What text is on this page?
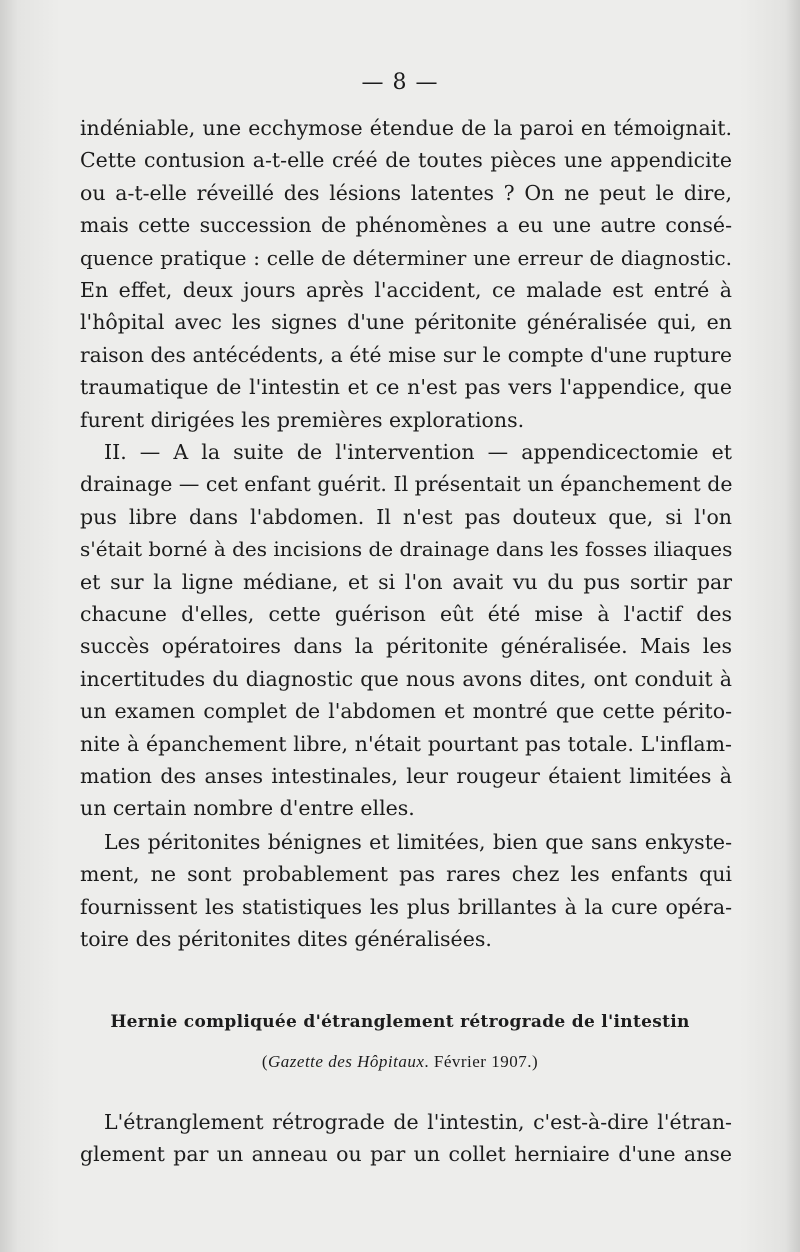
— 8 —

indéniable, une ecchymose étendue de la paroi en témoignait.
Cette contusion a-t-elle créé de toutes pièces une appendicite
ou a-t-elle réveillé des lésions latentes ? On ne peut le dire,
mais cette succession de phénomènes a eu une autre consé-
quence pratique : celle de déterminer une erreur de diagnostic.
En effet, deux jours après l'accident, ce malade est entré à
l'hôpital avec les signes d'une péritonite généralisée qui, en
raison des antécédents, a été mise sur le compte d'une rupture
traumatique de l'intestin et ce n'est pas vers l'appendice, que
furent dirigées les premières explorations.

II. — A la suite de l'intervention — appendicectomie et
drainage — cet enfant guérit. Il présentait un épanchement de
pus libre dans l'abdomen. Il n'est pas douteux que, si l'on
s'était borné à des incisions de drainage dans les fosses iliaques
et sur la ligne médiane, et si l'on avait vu du pus sortir par
chacune d'elles, cette guérison eût été mise à l'actif des
succès opératoires dans la péritonite généralisée. Mais les
incertitudes du diagnostic que nous avons dites, ont conduit à
un examen complet de l'abdomen et montré que cette périto-
nite à épanchement libre, n'était pourtant pas totale. L'inflam-
mation des anses intestinales, leur rougeur étaient limitées à
un certain nombre d'entre elles.

Les péritonites bénignes et limitées, bien que sans enkyste-
ment, ne sont probablement pas rares chez les enfants qui
fournissent les statistiques les plus brillantes à la cure opéra-
toire des péritonites dites généralisées.

Hernie compliquée d'étranglement rétrograde de l'intestin
(Gazette des Hôpitaux. Février 1907.)

L'étranglement rétrograde de l'intestin, c'est-à-dire l'étran-
glement par un anneau ou par un collet herniaire d'une anse
